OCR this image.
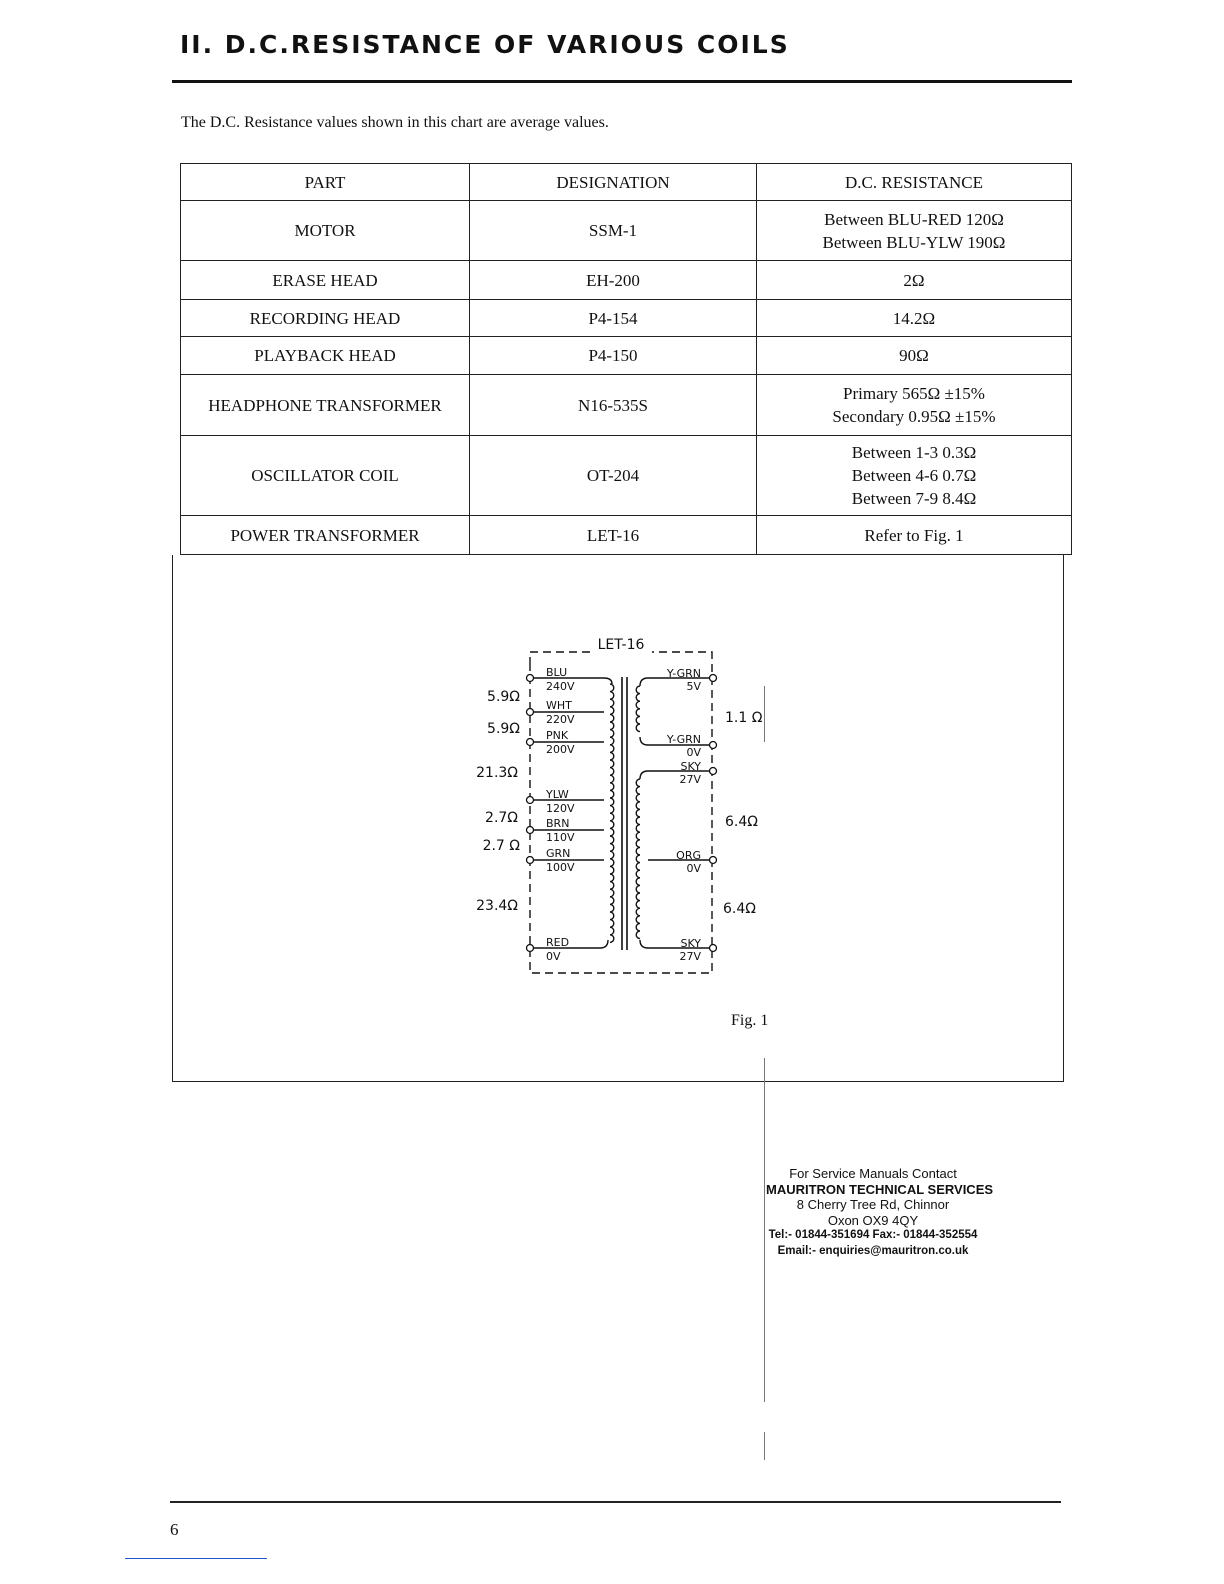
II. D.C.RESISTANCE OF VARIOUS COILS
The D.C. Resistance values shown in this chart are average values.
PART	DESIGNATION	D.C. RESISTANCE
MOTOR	SSM-1	Between BLU-RED 120Ω
Between BLU-YLW 190Ω

ERASE HEAD	EH-200	2Ω
RECORDING HEAD	P4-154	14.2Ω
PLAYBACK HEAD	P4-150	90Ω
HEADPHONE TRANSFORMER	N16-535S	Primary 565Ω ±15%
Secondary 0.95Ω ±15%

OSCILLATOR COIL	OT-204	Between 1-3 0.3Ω
Between 4-6 0.7Ω
Between 7-9 8.4Ω

POWER TRANSFORMER	LET-16	Refer to Fig. 1
LET-16
BLU
240V
WHT
220V
PNK
200V
YLW
120V
BRN
110V
GRN
100V
RED
0V
5.9Ω
5.9Ω
21.3Ω
2.7Ω
2.7 Ω
23.4Ω
Y-GRN
5V
Y-GRN
0V
SKY
27V
ORG
0V
SKY
27V
1.1 Ω
6.4Ω
6.4Ω
Fig. 1
For Service Manuals Contact
MAURITRON TECHNICAL SERVICES
8 Cherry Tree Rd, Chinnor
Oxon OX9 4QY
Tel:- 01844-351694 Fax:- 01844-352554
Email:- enquiries@mauritron.co.uk
6
